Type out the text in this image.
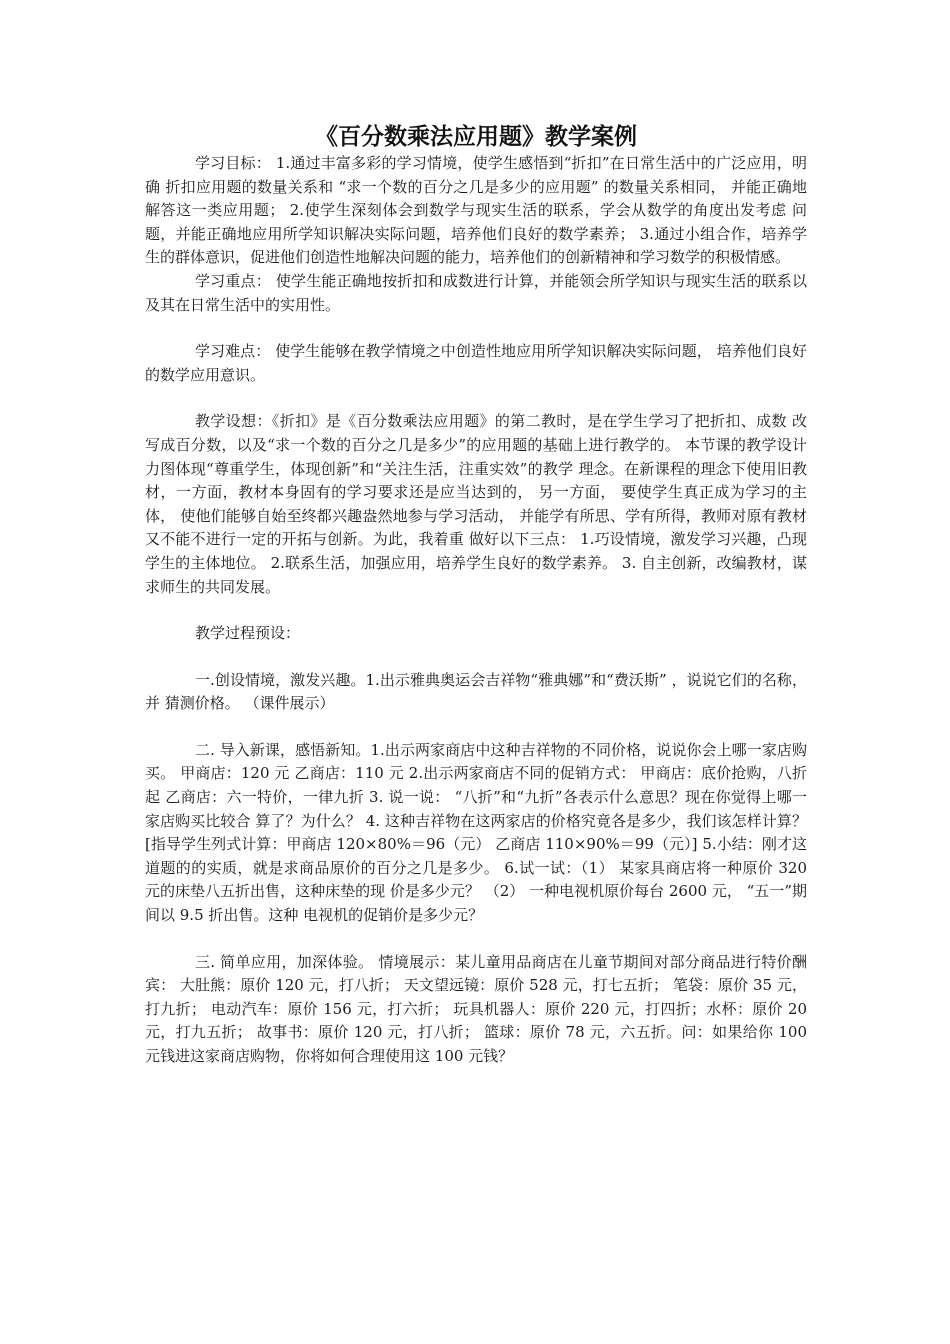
《百分数乘法应用题》教学案例

学习目标： 1.通过丰富多彩的学习情境，使学生感悟到“折扣”在日常生活中的广泛应用，明确 折扣应用题的数量关系和 “求一个数的百分之几是多少的应用题” 的数量关系相同， 并能正确地解答这一类应用题； 2.使学生深刻体会到数学与现实生活的联系，学会从数学的角度出发考虑 问题，并能正确地应用所学知识解决实际问题，培养他们良好的数学素养； 3.通过小组合作，培养学生的群体意识，促进他们创造性地解决问题的能力，培养他们的创新精神和学习数学的积极情感。

学习重点： 使学生能正确地按折扣和成数进行计算，并能领会所学知识与现实生活的联系以 及其在日常生活中的实用性。

学习难点： 使学生能够在教学情境之中创造性地应用所学知识解决实际问题， 培养他们良好 的数学应用意识。

教学设想：《折扣》是《百分数乘法应用题》的第二教时，是在学生学习了把折扣、成数 改写成百分数，以及“求一个数的百分之几是多少”的应用题的基础上进行教学的。 本节课的教学设计力图体现“尊重学生，体现创新”和“关注生活，注重实效”的教学 理念。在新课程的理念下使用旧教材，一方面，教材本身固有的学习要求还是应当达到的， 另一方面， 要使学生真正成为学习的主体， 使他们能够自始至终都兴趣盎然地参与学习活动， 并能学有所思、学有所得，教师对原有教材又不能不进行一定的开拓与创新。为此，我着重 做好以下三点： 1.巧设情境，激发学习兴趣，凸现学生的主体地位。 2.联系生活，加强应用，培养学生良好的数学素养。 3. 自主创新，改编教材，谋求师生的共同发展。

教学过程预设：

一.创设情境，激发兴趣。1.出示雅典奥运会吉祥物“雅典娜”和“费沃斯” ，说说它们的名称，并 猜测价格。 （课件展示）

二. 导入新课，感悟新知。1.出示两家商店中这种吉祥物的不同价格，说说你会上哪一家店购买。 甲商店：120 元 乙商店：110 元 2.出示两家商店不同的促销方式： 甲商店：底价抢购，八折起 乙商店：六一特价，一律九折 3. 说一说： “八折”和“九折”各表示什么意思？现在你觉得上哪一家店购买比较合 算了？为什么？ 4. 这种吉祥物在这两家店的价格究竟各是多少，我们该怎样计算？ [指导学生列式计算：甲商店 120×80%＝96（元） 乙商店 110×90%＝99（元）] 5.小结：刚才这道题的的实质，就是求商品原价的百分之几是多少。 6.试一试：（1） 某家具商店将一种原价 320 元的床垫八五折出售，这种床垫的现 价是多少元？ （2） 一种电视机原价每台 2600 元， “五一”期间以 9.5 折出售。这种 电视机的促销价是多少元？

三. 简单应用，加深体验。 情境展示：某儿童用品商店在儿童节期间对部分商品进行特价酬宾： 大肚熊：原价 120 元，打八折； 天文望远镜：原价 528 元，打七五折； 笔袋：原价 35 元，打九折； 电动汽车：原价 156 元，打六折； 玩具机器人：原价 220 元，打四折；水杯：原价 20 元，打九五折； 故事书：原价 120 元，打八折； 篮球：原价 78 元，六五折。问：如果给你 100 元钱进这家商店购物，你将如何合理使用这 100 元钱？
